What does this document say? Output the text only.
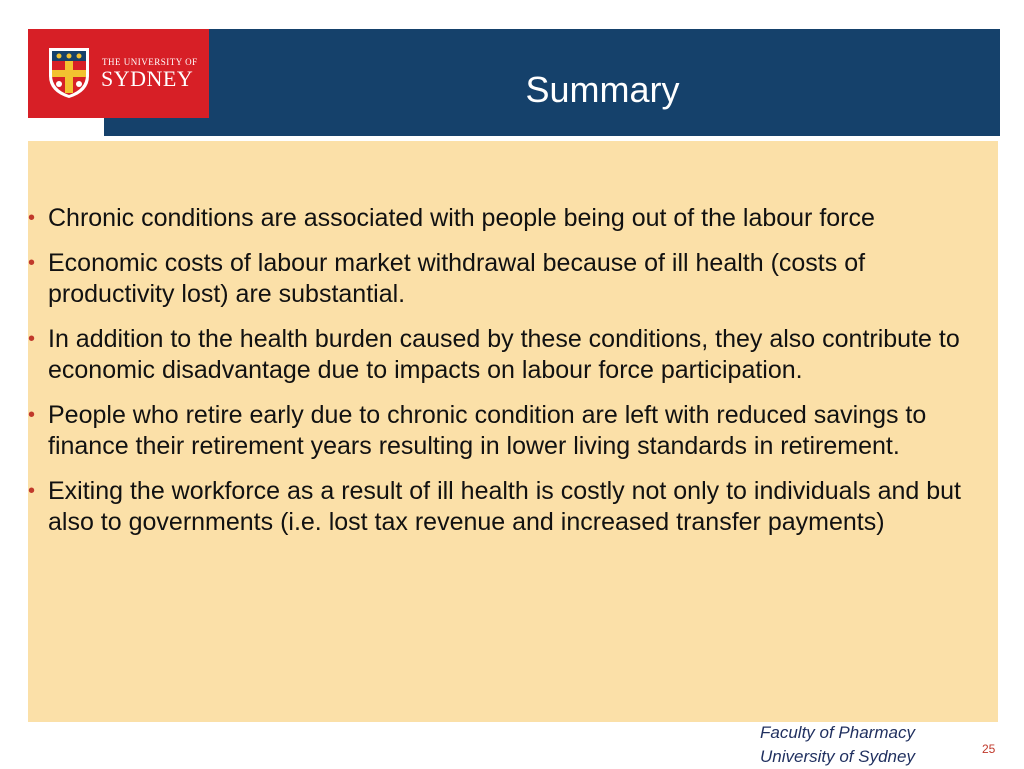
THE UNIVERSITY OF
SYDNEY	Summary
• Chronic conditions are associated with people being out of the labour force
• Economic costs of labour market withdrawal because of ill health (costs of productivity lost) are substantial.
• In addition to the health burden caused by these conditions, they also contribute to economic disadvantage due to impacts on labour force participation.
• People who retire early due to chronic condition are left with reduced savings to finance their retirement years resulting in lower living standards in retirement.
• Exiting the workforce as a result of ill health is costly not only to individuals and but also to governments (i.e. lost tax revenue and increased transfer payments)
Faculty of Pharmacy
University of Sydney	25
